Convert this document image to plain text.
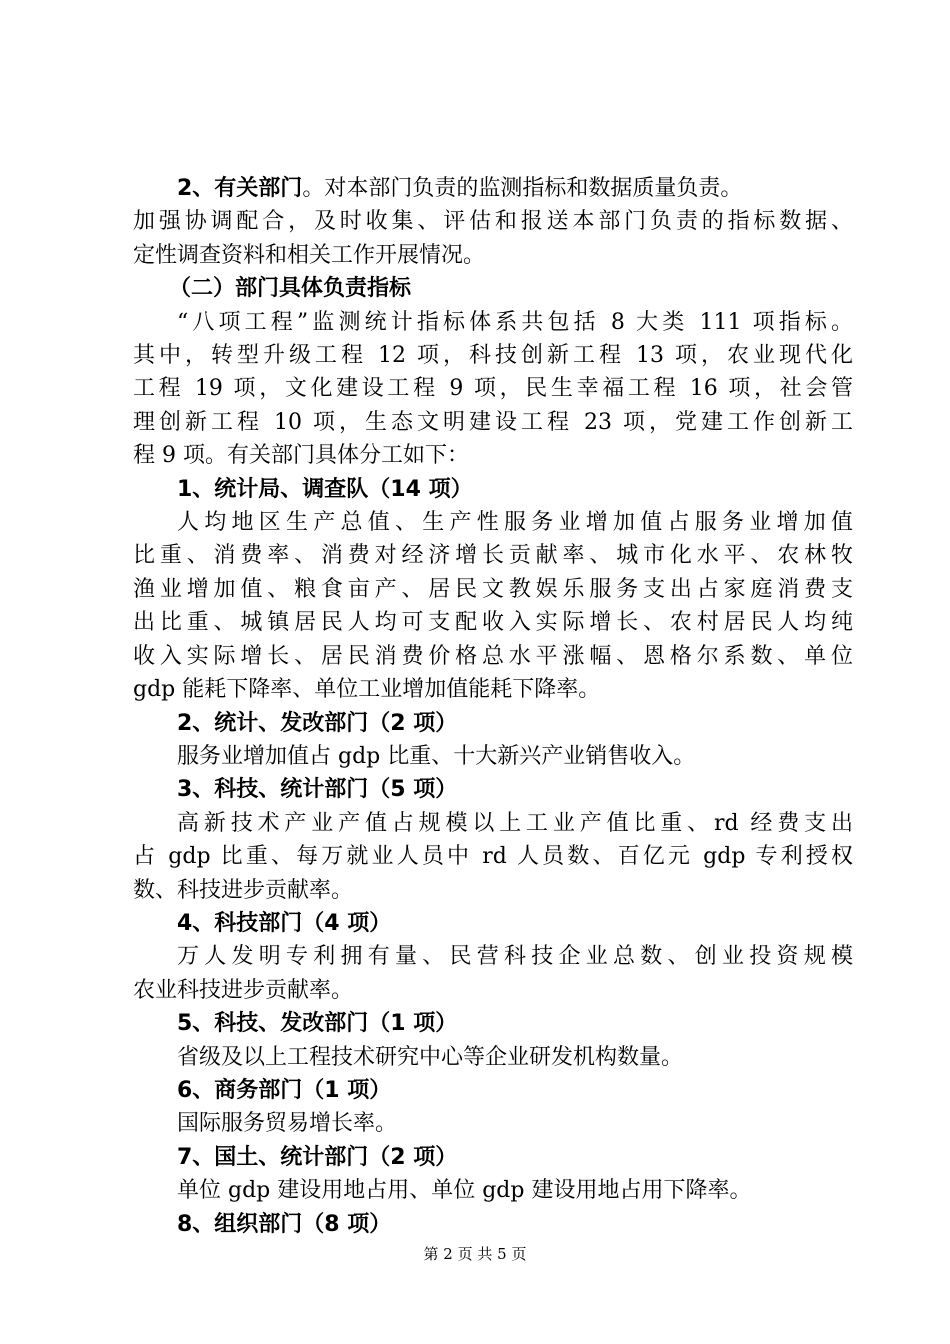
2、有关部门。对本部门负责的监测指标和数据质量负责。
加强协调配合，及时收集、评估和报送本部门负责的指标数据、
定性调查资料和相关工作开展情况。
（二）部门具体负责指标
“八项工程”监测统计指标体系共包括 8 大类 111 项指标。
其中，转型升级工程 12 项，科技创新工程 13 项，农业现代化
工程 19 项，文化建设工程 9 项，民生幸福工程 16 项，社会管
理创新工程 10 项，生态文明建设工程 23 项，党建工作创新工
程 9 项。有关部门具体分工如下：
1、统计局、调查队（14 项）
人均地区生产总值、生产性服务业增加值占服务业增加值
比重、消费率、消费对经济增长贡献率、城市化水平、农林牧
渔业增加值、粮食亩产、居民文教娱乐服务支出占家庭消费支
出比重、城镇居民人均可支配收入实际增长、农村居民人均纯
收入实际增长、居民消费价格总水平涨幅、恩格尔系数、单位
gdp 能耗下降率、单位工业增加值能耗下降率。
2、统计、发改部门（2 项）
服务业增加值占 gdp 比重、十大新兴产业销售收入。
3、科技、统计部门（5 项）
高新技术产业产值占规模以上工业产值比重、rd 经费支出
占 gdp 比重、每万就业人员中 rd 人员数、百亿元 gdp 专利授权
数、科技进步贡献率。
4、科技部门（4 项）
万人发明专利拥有量、民营科技企业总数、创业投资规模
农业科技进步贡献率。
5、科技、发改部门（1 项）
省级及以上工程技术研究中心等企业研发机构数量。
6、商务部门（1 项）
国际服务贸易增长率。
7、国土、统计部门（2 项）
单位 gdp 建设用地占用、单位 gdp 建设用地占用下降率。
8、组织部门（8 项）
第 2 页 共 5 页
